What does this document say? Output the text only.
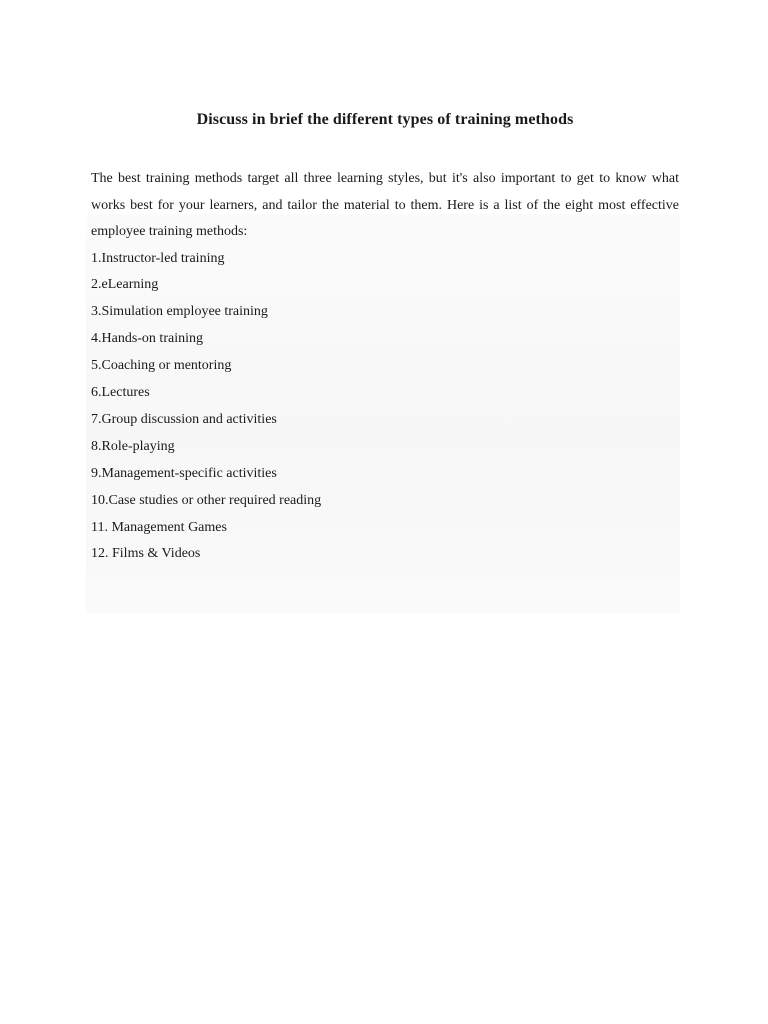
Discuss in brief the different types of training methods

The best training methods target all three learning styles, but it's also important to get to know what works best for your learners, and tailor the material to them. Here is a list of the eight most effective employee training methods:

1.Instructor-led training
2.eLearning
3.Simulation employee training
4.Hands-on training
5.Coaching or mentoring
6.Lectures
7.Group discussion and activities
8.Role-playing
9.Management-specific activities
10.Case studies or other required reading
11. Management Games
12. Films & Videos
